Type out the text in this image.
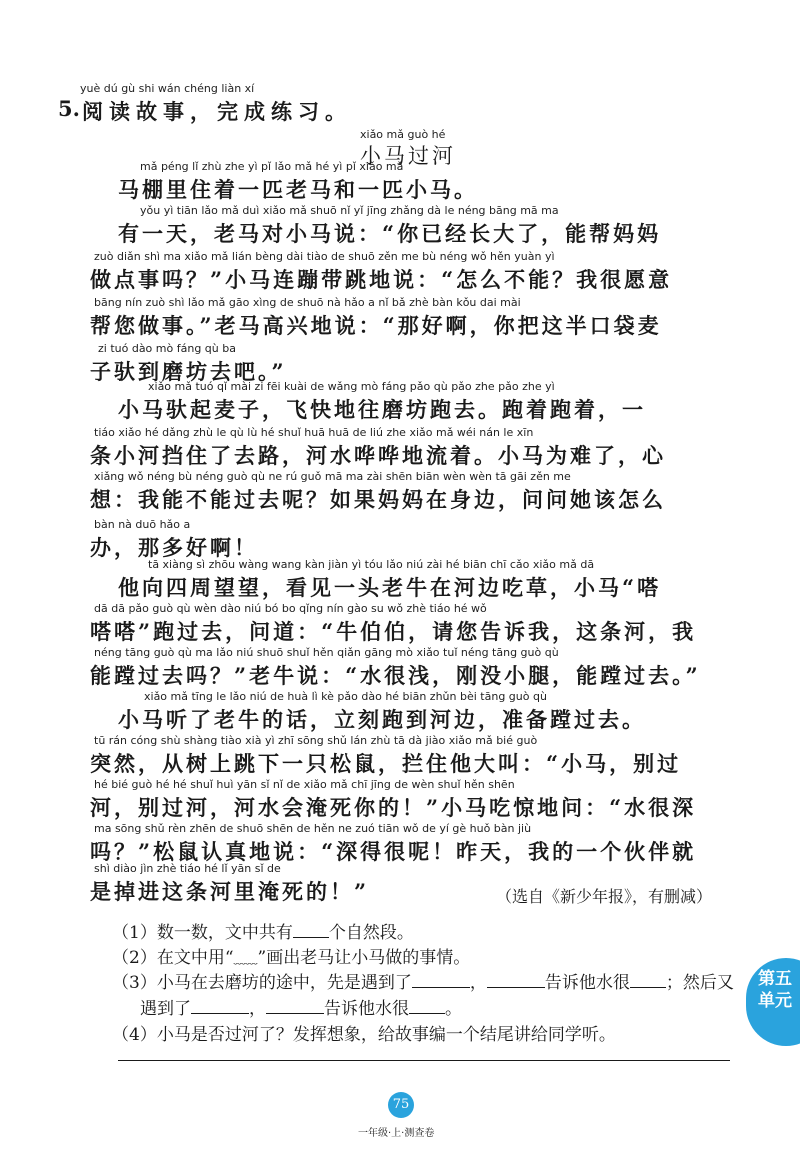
yuè dú gù shi wán chéng liàn xí
5. 阅读故事，完成练习。
xiǎo mǎ guò hé
小马过河
mǎ péng lǐ zhù zhe yì pǐ lǎo mǎ hé yì pǐ xiǎo mǎ
马棚里住着一匹老马和一匹小马。
yǒu yì tiān lǎo mǎ duì xiǎo mǎ shuō nǐ yǐ jīng zhǎng dà le néng bāng mā ma
有一天，老马对小马说：“你已经长大了，能帮妈妈
zuò diǎn shì ma xiǎo mǎ lián bèng dài tiào de shuō zěn me bù néng wǒ hěn yuàn yì
做点事吗？”小马连蹦带跳地说：“怎么不能？我很愿意
bāng nín zuò shì lǎo mǎ gāo xìng de shuō nà hǎo a nǐ bǎ zhè bàn kǒu dai mài
帮您做事。”老马高兴地说：“那好啊，你把这半口袋麦
zi tuó dào mò fáng qù ba
子驮到磨坊去吧。”
xiǎo mǎ tuó qǐ mài zi fēi kuài de wǎng mò fáng pǎo qù pǎo zhe pǎo zhe yì
小马驮起麦子，飞快地往磨坊跑去。跑着跑着，一
tiáo xiǎo hé dǎng zhù le qù lù hé shuǐ huā huā de liú zhe xiǎo mǎ wéi nán le xīn
条小河挡住了去路，河水哗哗地流着。小马为难了，心
xiǎng wǒ néng bù néng guò qù ne rú guǒ mā ma zài shēn biān wèn wèn tā gāi zěn me
想：我能不能过去呢？如果妈妈在身边，问问她该怎么
bàn nà duō hǎo a
办，那多好啊！
tā xiàng sì zhōu wàng wang kàn jiàn yì tóu lǎo niú zài hé biān chī cǎo xiǎo mǎ dā
他向四周望望，看见一头老牛在河边吃草，小马“嗒
dā dā pǎo guò qù wèn dào niú bó bo qǐng nín gào su wǒ zhè tiáo hé wǒ
嗒嗒”跑过去，问道：“牛伯伯，请您告诉我，这条河，我
néng tāng guò qù ma lǎo niú shuō shuǐ hěn qiǎn gāng mò xiǎo tuǐ néng tāng guò qù
能蹚过去吗？”老牛说：“水很浅，刚没小腿，能蹚过去。”
xiǎo mǎ tīng le lǎo niú de huà lì kè pǎo dào hé biān zhǔn bèi tāng guò qù
小马听了老牛的话，立刻跑到河边，准备蹚过去。
tū rán cóng shù shàng tiào xià yì zhī sōng shǔ lán zhù tā dà jiào xiǎo mǎ bié guò
突然，从树上跳下一只松鼠，拦住他大叫：“小马，别过
hé bié guò hé hé shuǐ huì yān sǐ nǐ de xiǎo mǎ chī jīng de wèn shuǐ hěn shēn
河，别过河，河水会淹死你的！”小马吃惊地问：“水很深
ma sōng shǔ rèn zhēn de shuō shēn de hěn ne zuó tiān wǒ de yí gè huǒ bàn jiù
吗？”松鼠认真地说：“深得很呢！昨天，我的一个伙伴就
shì diào jìn zhè tiáo hé lǐ yān sǐ de
是掉进这条河里淹死的！”	（选自《新少年报》，有删减）
（1）数一数，文中共有 个自然段。
（2）在文中用“﹏﹏”画出老马让小马做的事情。
（3）小马在去磨坊的途中，先是遇到了	，	告诉他水很 ；然后又
遇到了	，	告诉他水很 。
（4）小马是否过河了？发挥想象，给故事编一个结尾讲给同学听。
第五
单元
75
一年级·上·测查卷
